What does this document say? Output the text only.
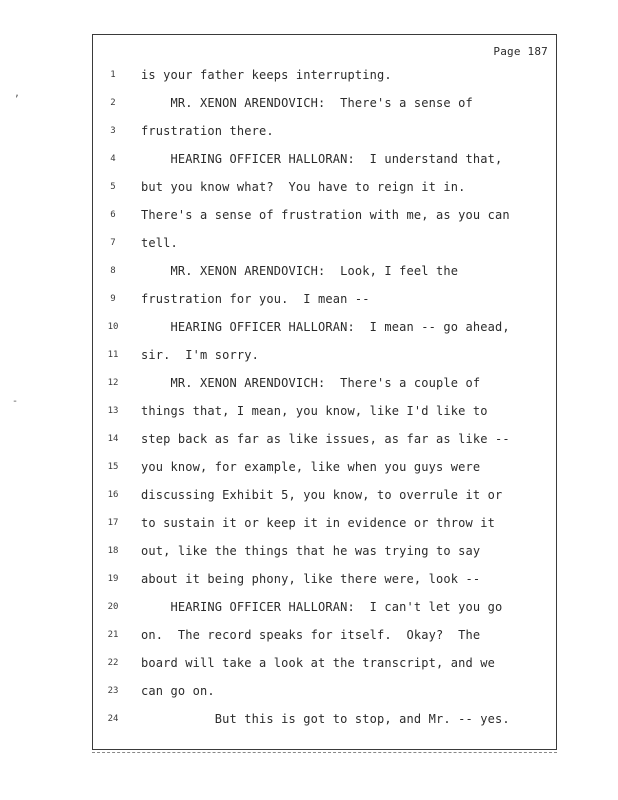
Page 187
1	is your father keeps interrupting.
2	MR. XENON ARENDOVICH:  There's a sense of
3	frustration there.
4	HEARING OFFICER HALLORAN:  I understand that,
5	but you know what?  You have to reign it in.
6	There's a sense of frustration with me, as you can
7	tell.
8	MR. XENON ARENDOVICH:  Look, I feel the
9	frustration for you.  I mean --
10	HEARING OFFICER HALLORAN:  I mean -- go ahead,
11	sir.  I'm sorry.
12	MR. XENON ARENDOVICH:  There's a couple of
13	things that, I mean, you know, like I'd like to
14	step back as far as like issues, as far as like --
15	you know, for example, like when you guys were
16	discussing Exhibit 5, you know, to overrule it or
17	to sustain it or keep it in evidence or throw it
18	out, like the things that he was trying to say
19	about it being phony, like there were, look --
20	HEARING OFFICER HALLORAN:  I can't let you go
21	on.  The record speaks for itself.  Okay?  The
22	board will take a look at the transcript, and we
23	can go on.
24	But this is got to stop, and Mr. -- yes.
,
-
